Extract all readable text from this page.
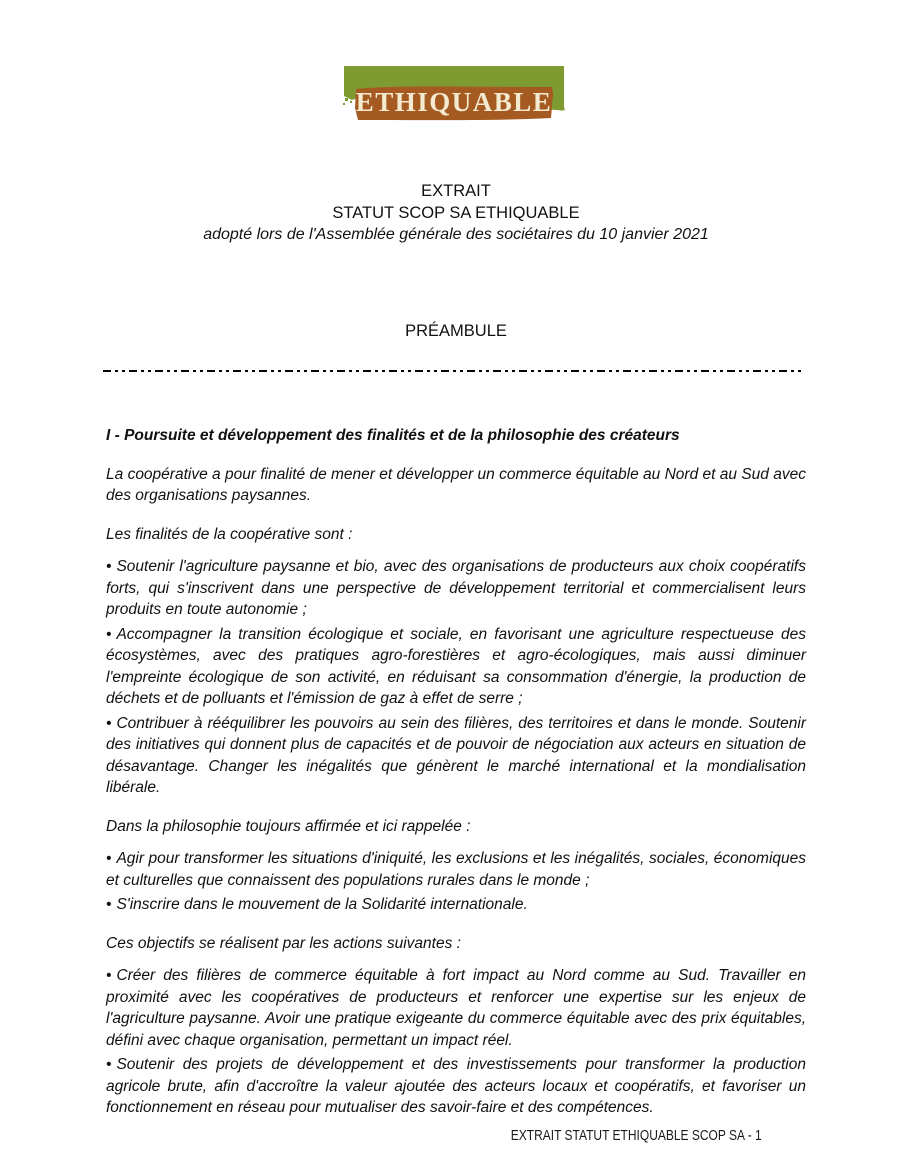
ETHIQUABLE
EXTRAIT
STATUT SCOP SA ETHIQUABLE
adopté lors de l'Assemblée générale des sociétaires du 10 janvier 2021
PRÉAMBULE

I - Poursuite et développement des finalités et de la philosophie des créateurs

La coopérative a pour finalité de mener et développer un commerce équitable au Nord et au Sud avec des organisations paysannes.

Les finalités de la coopérative sont :

• Soutenir l'agriculture paysanne et bio, avec des organisations de producteurs aux choix coopératifs forts, qui s'inscrivent dans une perspective de développement territorial et commercialisent leurs produits en toute autonomie ;

• Accompagner la transition écologique et sociale, en favorisant une agriculture respectueuse des écosystèmes, avec des pratiques agro-forestières et agro-écologiques, mais aussi diminuer l'empreinte écologique de son activité, en réduisant sa consommation d'énergie, la production de déchets et de polluants et l'émission de gaz à effet de serre ;

• Contribuer à rééquilibrer les pouvoirs au sein des filières, des territoires et dans le monde. Soutenir des initiatives qui donnent plus de capacités et de pouvoir de négociation aux acteurs en situation de désavantage. Changer les inégalités que génèrent le marché international et la mondialisation libérale.

Dans la philosophie toujours affirmée et ici rappelée :

• Agir pour transformer les situations d'iniquité, les exclusions et les inégalités, sociales, économiques et culturelles que connaissent des populations rurales dans le monde ;

• S'inscrire dans le mouvement de la Solidarité internationale.

Ces objectifs se réalisent par les actions suivantes :

• Créer des filières de commerce équitable à fort impact au Nord comme au Sud. Travailler en proximité avec les coopératives de producteurs et renforcer une expertise sur les enjeux de l'agriculture paysanne. Avoir une pratique exigeante du commerce équitable avec des prix équitables, défini avec chaque organisation, permettant un impact réel.

• Soutenir des projets de développement et des investissements pour transformer la production agricole brute, afin d'accroître la valeur ajoutée des acteurs locaux et coopératifs, et favoriser un fonctionnement en réseau pour mutualiser des savoir-faire et des compétences.

EXTRAIT STATUT ETHIQUABLE SCOP SA - 1
